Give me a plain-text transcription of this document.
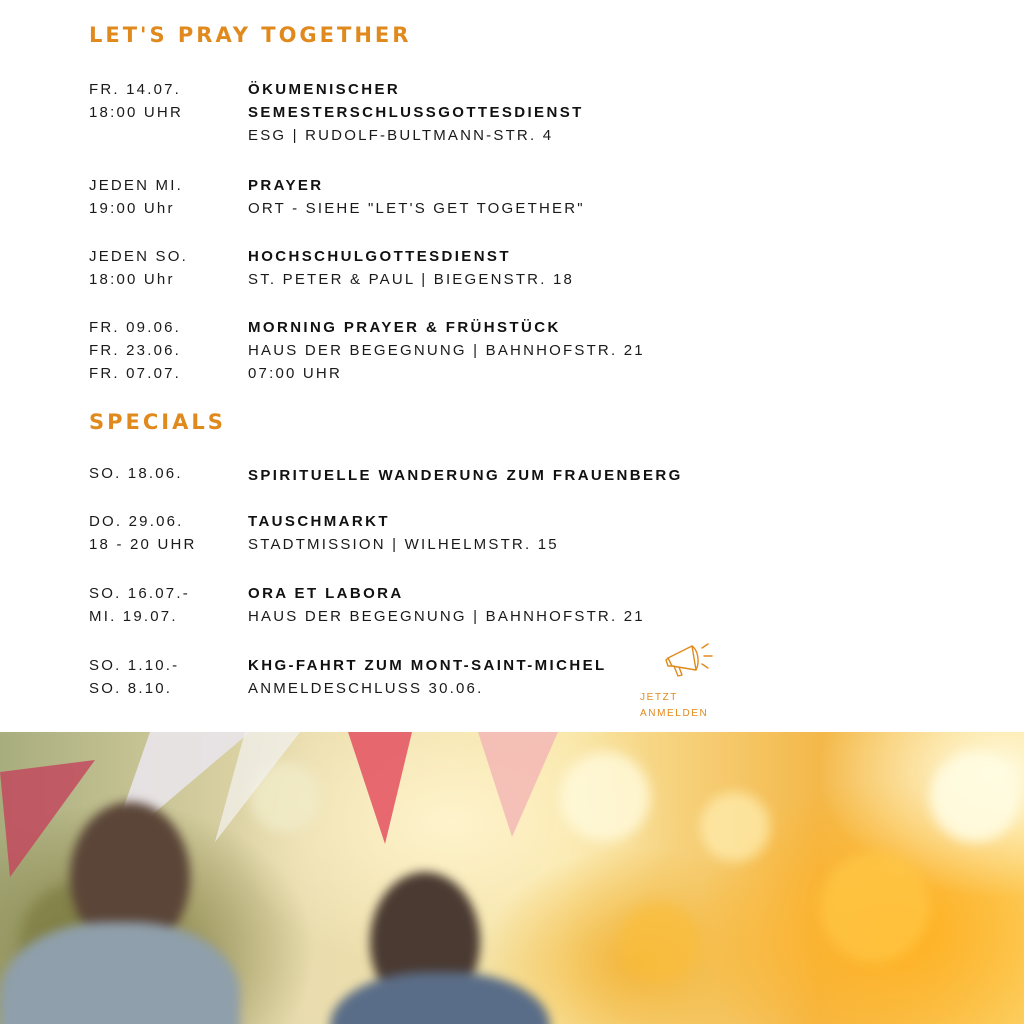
LET'S PRAY TOGETHER
FR. 14.07.
18:00 UHR
ÖKUMENISCHER
SEMESTERSCHLUSSGOTTESDIENST
ESG | RUDOLF-BULTMANN-STR. 4
JEDEN MI.
19:00 Uhr
PRAYER
ORT - SIEHE "LET'S GET TOGETHER"
JEDEN SO.
18:00 Uhr
HOCHSCHULGOTTESDIENST
ST. PETER & PAUL | BIEGENSTR. 18
FR. 09.06.
FR. 23.06.
FR. 07.07.
MORNING PRAYER & FRÜHSTÜCK
HAUS DER BEGEGNUNG | BAHNHOFSTR. 21
07:00 UHR
SPECIALS
SO. 18.06.	SPIRITUELLE WANDERUNG ZUM FRAUENBERG
DO. 29.06.
18 - 20 UHR
TAUSCHMARKT
STADTMISSION | WILHELMSTR. 15
SO. 16.07.-
MI. 19.07.
ORA ET LABORA
HAUS DER BEGEGNUNG | BAHNHOFSTR. 21
SO. 1.10.-
SO. 8.10.
KHG-FAHRT ZUM MONT-SAINT-MICHEL
ANMELDESCHLUSS 30.06.
JETZT
ANMELDEN
